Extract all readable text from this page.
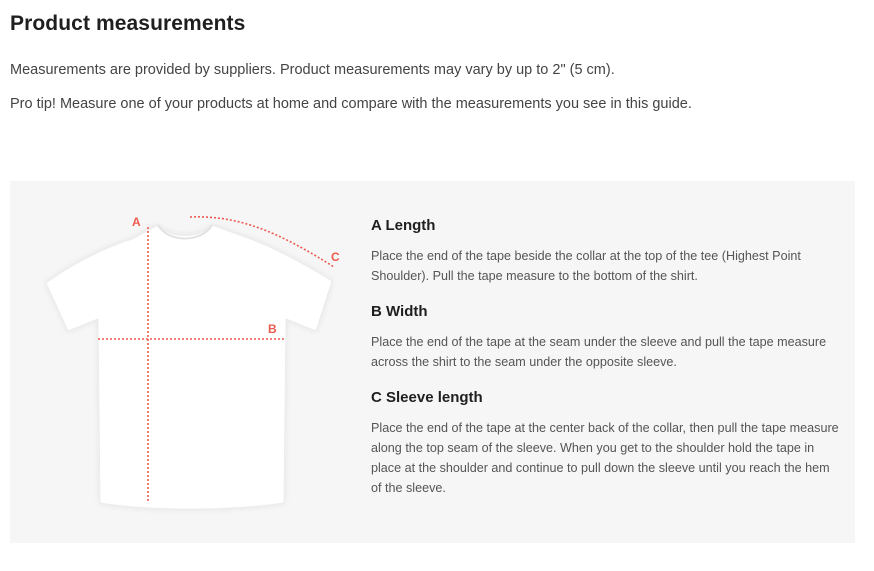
Product measurements

Measurements are provided by suppliers. Product measurements may vary by up to 2" (5 cm).

Pro tip! Measure one of your products at home and compare with the measurements you see in this guide.

A
B
C
A Length

Place the end of the tape beside the collar at the top of the tee (Highest Point Shoulder). Pull the tape measure to the bottom of the shirt.

B Width

Place the end of the tape at the seam under the sleeve and pull the tape measure across the shirt to the seam under the opposite sleeve.

C Sleeve length

Place the end of the tape at the center back of the collar, then pull the tape measure along the top seam of the sleeve. When you get to the shoulder hold the tape in place at the shoulder and continue to pull down the sleeve until you reach the hem of the sleeve.
